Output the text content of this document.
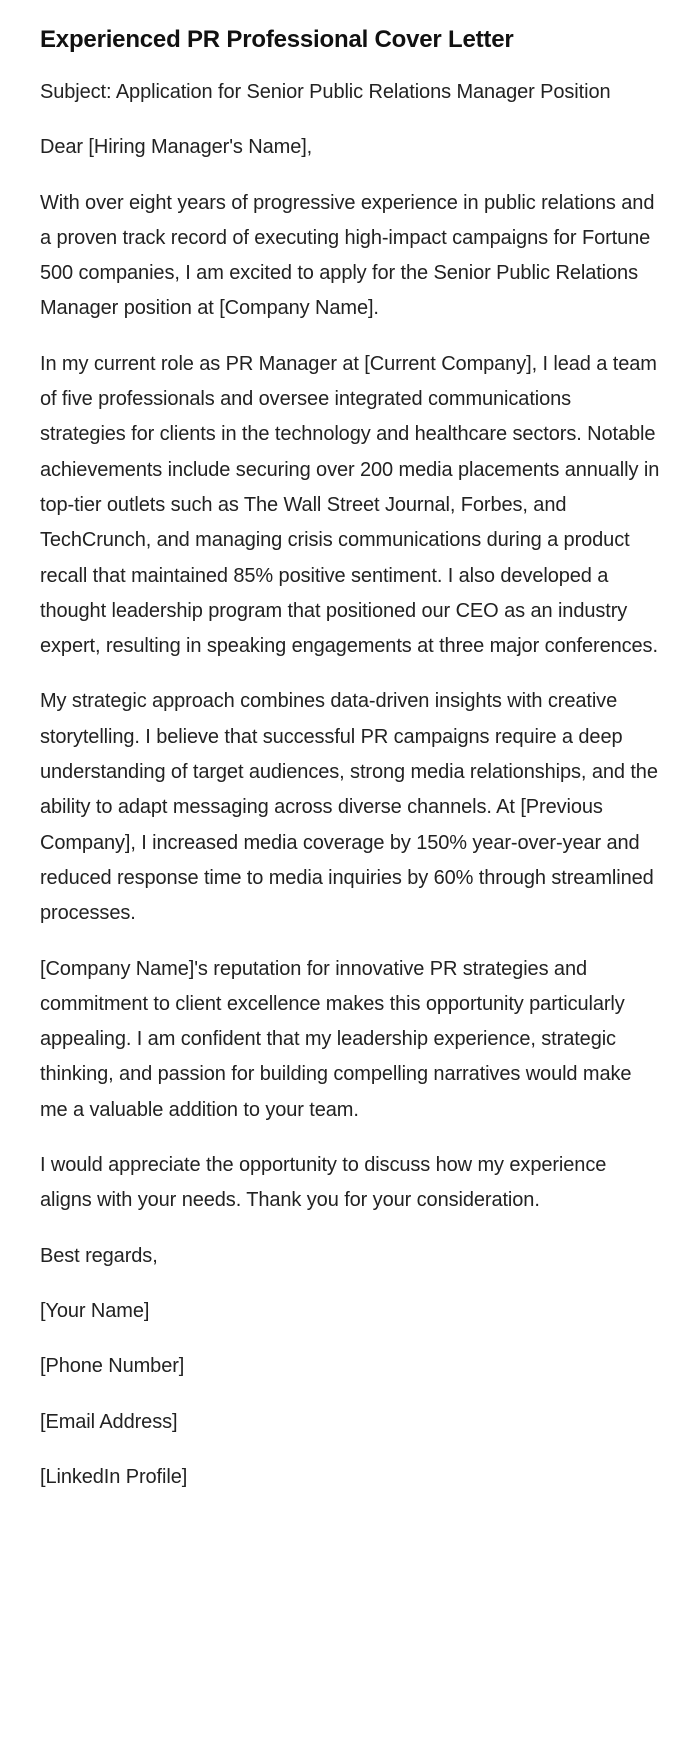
Experienced PR Professional Cover Letter

Subject: Application for Senior Public Relations Manager Position

Dear [Hiring Manager's Name],

With over eight years of progressive experience in public relations and a proven track record of executing high-impact campaigns for Fortune 500 companies, I am excited to apply for the Senior Public Relations Manager position at [Company Name].

In my current role as PR Manager at [Current Company], I lead a team of five professionals and oversee integrated communications strategies for clients in the technology and healthcare sectors. Notable achievements include securing over 200 media placements annually in top-tier outlets such as The Wall Street Journal, Forbes, and TechCrunch, and managing crisis communications during a product recall that maintained 85% positive sentiment. I also developed a thought leadership program that positioned our CEO as an industry expert, resulting in speaking engagements at three major conferences.

My strategic approach combines data-driven insights with creative storytelling. I believe that successful PR campaigns require a deep understanding of target audiences, strong media relationships, and the ability to adapt messaging across diverse channels. At [Previous Company], I increased media coverage by 150% year-over-year and reduced response time to media inquiries by 60% through streamlined processes.

[Company Name]'s reputation for innovative PR strategies and commitment to client excellence makes this opportunity particularly appealing. I am confident that my leadership experience, strategic thinking, and passion for building compelling narratives would make me a valuable addition to your team.

I would appreciate the opportunity to discuss how my experience aligns with your needs. Thank you for your consideration.

Best regards,

[Your Name]

[Phone Number]

[Email Address]

[LinkedIn Profile]
